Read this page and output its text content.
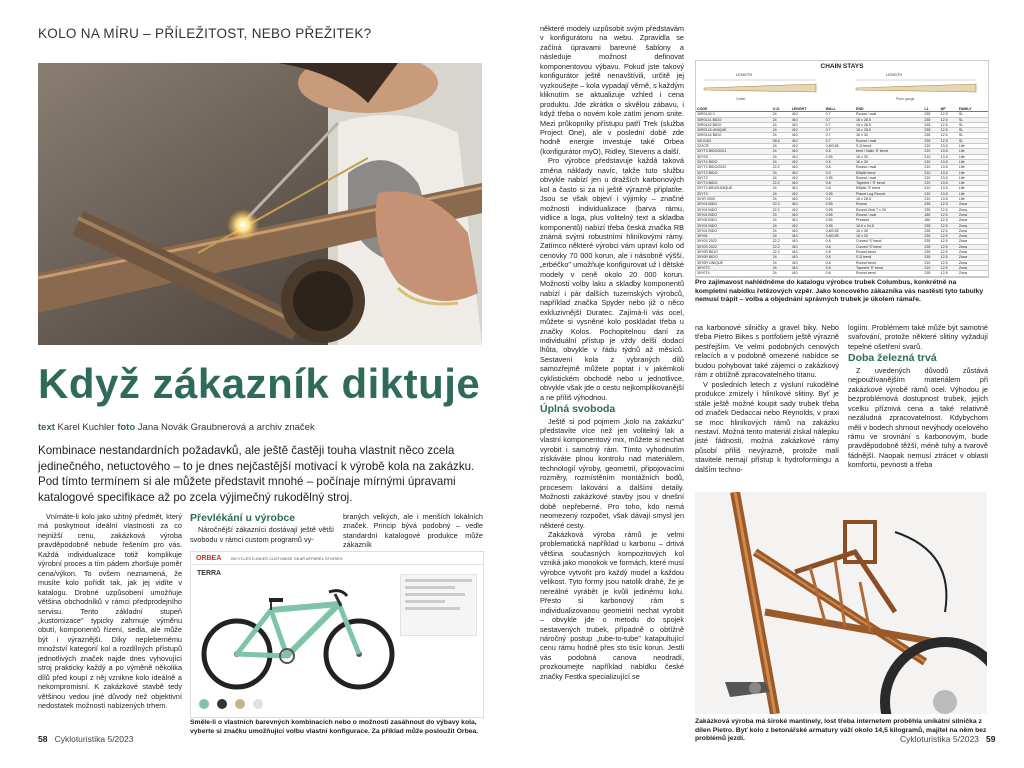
KOLO NA MÍRU – PŘÍLEŽITOST, NEBO PŘEŽITEK?
Když zákazník diktuje
text Karel Kuchler foto Jana Novák Graubnerová a archiv značek
Kombinace nestandardních požadavků, ale ještě častěji touha vlastnit něco zcela jedinečného, netuctového – to je dnes nejčastější motivací k výrobě kola na zakázku. Pod tímto termínem si ale můžete představit mnohé – počínaje mírnými úpravami katalogové specifikace až po zcela výjimečný rukodělný stroj.

Vnímáte-li kolo jako užitný předmět, který má poskytnout ideální vlastnosti za co nejnižší cenu, zakázková výroba pravděpodobně nebude řešením pro vás. Každá individualizace totiž komplikuje výrobní proces a tím pádem zhoršuje poměr cena/výkon. To ovšem neznamená, že musíte kolo pořídit tak, jak jej vidíte v katalogu. Drobné uzpůsobení umožňuje většina obchodníků v rámci předprodejního servisu. Tento základní stupeň „kustomizace" typicky zahrnuje výměnu obutí, komponentů řízení, sedla, ale může být i výraznější. Díky neplebernému množství kategorií kol a rozdílných přístupů jednotlivých značek najde dnes vyhovující stroj prakticky každý a po výměně několika dílů před koupí z něj vznikne kolo ideálně a nekompromisní. K zakázkové stavbě tedy většinou vedou jiné důvody než objektivní nedostatek možností nabízených trhem.

Převlékání u výrobce

Náročnější zákazníci dostávají ještě větší svobodu v rámci custom programů vy-

braných velkých, ale i menších lokálních značek. Princip bývá podobný – vedle standardní katalogové produkce může zákazník

ORBEA	BICYCLES E-BIKES CUSTOMIZE GEAR APPAREL STORIES
TERRA
Směle-li o vlastních barevných kombinacích nebo o možnosti zasáhnout do výbavy kola, vyberte si značku umožňující volbu vlastní konfigurace. Za příklad může posloužit Orbea.
58 Cykloturistika 5/2023

některé modely uzpůsobit svým představám v konfigurátoru na webu. Zpravidla se začíná úpravami barevné šablony a následuje možnost definovat komponentovou výbavu. Pokud jste takový konfigurátor ještě nenavštívili, určitě jej vyzkoušejte – kola vypadají věrně, s každým kliknutím se aktualizuje vzhled i cena produktu. Jde zkrátka o skvělou zábavu, i když třeba o novém kole zatím jenom snite. Mezi průkopníky přístupu patří Trek (služba Project One), ale v poslední době zde hodně energie investuje také Orbea (konfigurátor myO), Ridley, Stevens a další.

Pro výrobce představuje každá taková změna náklady navíc, takže tuto službu obvykle nabízí jen u dražších karbonových kol a často si za ni ještě výrazně připlatíte. Jsou se však objeví i výjimky – značné možnosti individualizace (barva rámu, vidlice a loga, plus volitelný text a skladba komponentů) nabízí třeba česká značka RB známá svými robustními hliníkovými rámy. Zatímco některé výrobci vám upraví kolo od cenovky 70 000 korun, ale i násobně výšší, „erbéčko" umožňuje konfigurovat už i dětské modely v ceně okolo 20 000 korun. Možnosti volby laku a skladby komponentů nabízí i pár dalších tuzemských výrobců, například značka Spyder nebo již o něco exkluzivnější Duratec. Zajímá-li vás ocel, můžete si vysněné kolo poskládat třeba u značky Kolos. Pochopitelnou daní za individuální přístup je vždy delší dodací lhůta, obvykle v řádu týdnů až měsíců. Sestavení kola z vybraných dílů samozřejmě můžete poptat i v jakémkoli cyklistickém obchodě nebo u jednotlivce, obvykle však jde o cestu nejkomplikovanější a ne příliš výhodnou.

Úplná svoboda

Ještě si pod pojmem „kolo na zakázku" představíte více než jen volitelný lak a vlastní komponentový mix, můžete si nechat vyrobit i samotný rám. Tímto vyhodnutím získáváte plnou kontrolu nad materiálem, technologií výroby, geometrií, připojovacími rozměry, rozmístěním montážních bodů, procesem lakování a dalšími detaily. Možnosti zakázkové stavby jsou v dnešní době nepřeberné. Pro toho, kdo nemá neomezený rozpočet, však dávají smysl jen některé cesty.

Zakázková výroba rámů je velmi problematická například u karbonu – drtivá většina současných kompozitových kol vzniká jako monokok ve formách, které musí výrobce vytvořit pro každý model a každou velikost. Tyto formy jsou natolik drahé, že je nereálné vyrábět je kvůli jedinému kolu. Přesto si karbonový rám s individualizovanou geometrií nechat vyrobit – obvykle jde o metodu do spojek sestavených trubek, případně o obtížně náročný postup „tube-to-tube" katapultující cenu rámu hodně přes sto tisíc korun. Jestli vás podobná canova neodradí, prozkoumejte například nabídku české značky Festka specializující se

CHAIN STAYS
LENGTH	LENGTH
Outlet	Plain gauge
CODE	O.D.	LENGHT	WALL	END	L1	ØF	FAMILY
30R0140 0	24	410	0.7	Round / oval	235	12.5	SL
30R0141 BIDO	24	410	0.7	16 x 28.5	235	12.5	SL
30R0142 BIDO	24	410	0.7	16 x 28.5	235	12.5	SL
30R0143 UNIQUE	24	410	0.7	16 x 28.5	235	12.5	SL
30R0144 BIDO	24	410	0.7	16 x 30	235	12.5	SL
30L0163	28.6	410	0.7	Round / oval	235	12.5	SL
32XCR	24	410	0.8/0.55	S-D bend	210	13.5	Life
30YT3 BIDO/2021	24	410	0.5	bent / Nails 'S' bend	210	13.5	Life
30YS3	24	410	0.55	16 x 30	210	13.5	Life
30YT4 BIDO	24	410	0.5	16 x 30	210	13.5	Life
30YT3 BIDO/2022	22.2	410	0.8	Round / oval	210	13.5	Life
30YT3 BIDO	24	410	0.5	Elliptic bend	210	13.5	Life
30YT3	24	410	0.55	Round / oval	210	13.5	Life
30YT3 BIDO	22.2	410	0.8	Tapered / 'S' bend	210	13.5	Life
30YT3 BIDO/UNIQUE	24	410	0.8	Elliptic 'S' bend	210	13.5	Life
30YT3	24	410	0.55	Planet Lug Round	210	13.5	Life
30YR 2000	24	410	0.5	16 x 28.5	210	13.5	Life
30Y04 BIDO	22.2	410	0.55	Round	235	12.5	Zona
30Y04 BIDO	22.2	410	0.55	Round Oval 7 x 20	235	12.5	Zona
30Y04 BIDO	24	410	0.55	Round / oval	180	12.5	Zona
30Y05 BIDO	24	410	0.55	Pressed	180	12.5	Zona
30Y04 BIDO	24	410	0.55	16.5 x 24.5	235	12.5	Zona
30Y04 BIDO	24	410	0.8/0.55	16 x 30	235	12.5	Zona
30Y06	24	410	0.8/0.55	16 x 30	235	12.5	Zona
30Y0S 2022	22.2	410	0.8	Curved 'S' bend	235	12.5	Zona
30Y0S 2022	22.2	410	0.8	Curved 'S' bend	235	12.5	Zona
30Y0R BIDO	22.2	410	0.8	Round bend	235	12.5	Zona
30Y0R BIDO	24	410	0.8	S-D bend	235	12.5	Zona
30Y0R UNIQUE	24	410	0.8	Round bend	210	12.5	Zona
30Y0T3	24	410	0.8	Tapered 'S' bend	210	12.5	Zona
30Y0T4	24	410	0.8	Round bend	235	12.5	Zona

Pro zajímavost nahlédněme do katalogu výrobce trubek Columbus, konkrétně na kompletní nabídku řetězových vzpěr. Jako koncového zákazníka vás nastěstí tyto tabulky nemusí trápit – volba a objednání správných trubek je úkolem rámaře.

na karbonové silničky a gravel biky. Nebo třeba Pietro Bikes s portfoliem ještě výrazně pestřejším. Ve velmi podobných cenových relacích a v podobně omezené nabídce se budou pohybovat také zájemci o zakázkový rám z obtížně zpracovatelného titanu.

V posledních letech z výsluní rukodělné produkce zmizely i hliníkové slitiny. Byť je stále ještě možné koupit sady trubek třeba od značek Dedaccai nebo Reynolds, v praxi se moc hliníkových rámů na zakázku nestaví. Možná tento materiál získal nálepku jisté fádnosti, možná zakázkové rámy působí příliš nevýrazně, protože malí stavitelé nemají přístup k hydroformingu a dalším techno-

logiím. Problémem také může být samotné svařování, protože některé slitiny vyžadují tepelné ošetření svarů.

Doba železná trvá

Z uvedených důvodů zůstává nejpoužívanějším materiálem při zakázkové výrobě rámů ocel. Výhodou je bezproblémová dostupnost trubek, jejich vcelku příznivá cena a také relativně nezáludná zpracovatelnost. Kdybychom měli v bodech shrnout nevýhody ocelového rámu ve srovnání s karbonovým, bude pravděpodobně těžší, méně tuhý a tvarově fádnější. Naopak nemusí ztrácet v oblasti komfortu, pevnosti a třeba

Zakázková výroba má široké mantinely, lost třeba internetem proběhla unikátní silnička z dílen Pietro. Byť kolo z betonářské armatury váží okolo 14,5 kilogramů, majitel na něm bez problémů jezdí.	Cykloturistika 5/2023 59
